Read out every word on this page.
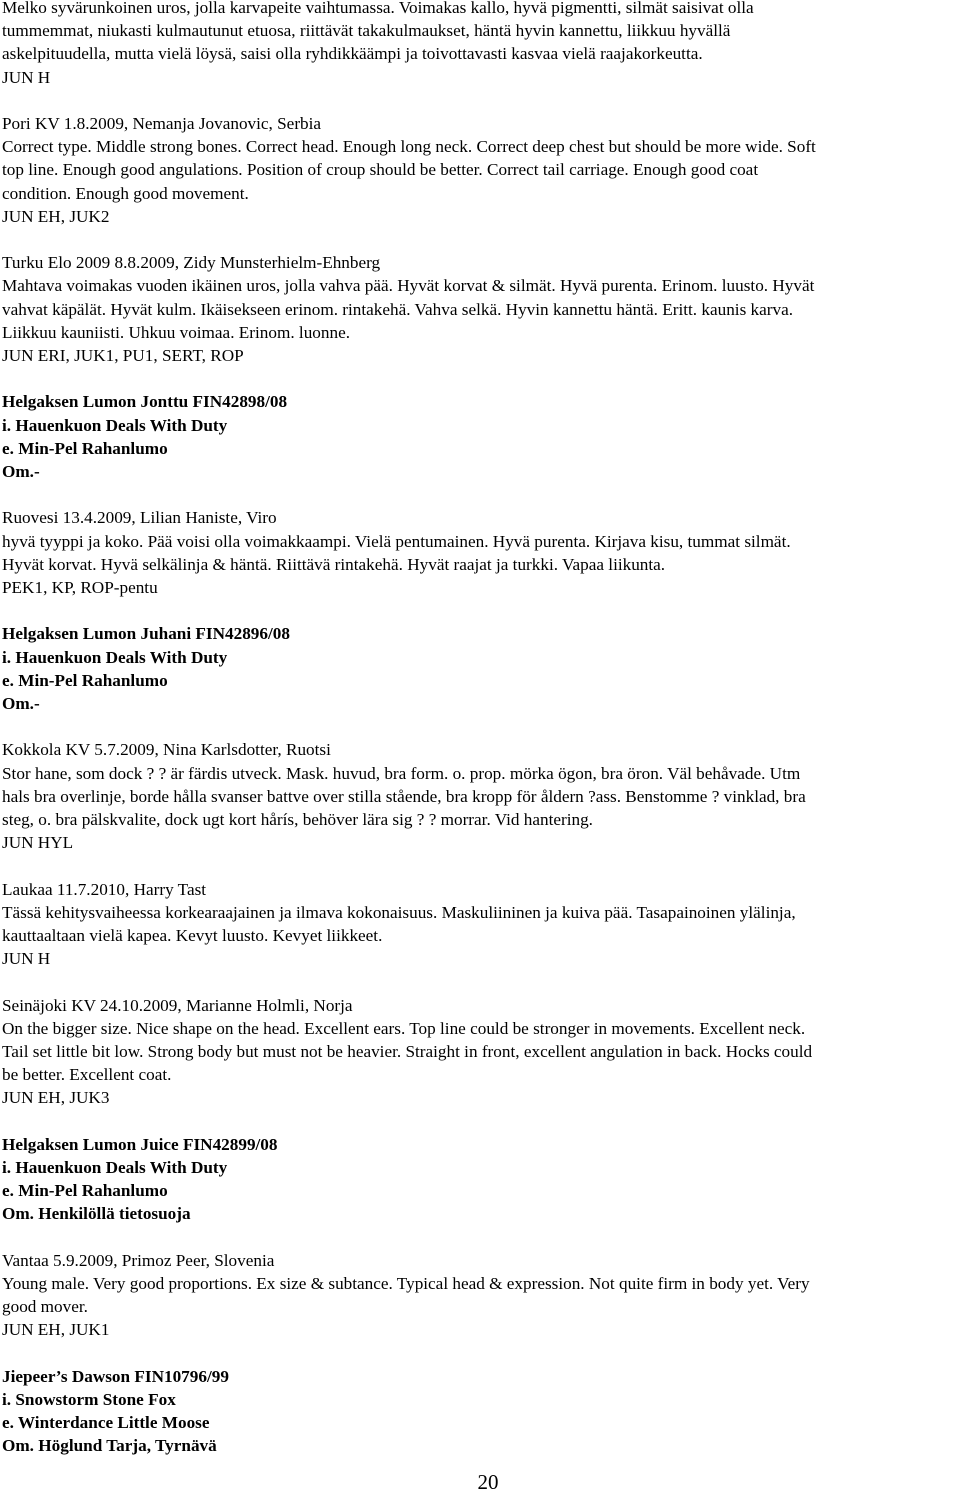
Melko syvärunkoinen uros, jolla karvapeite vaihtumassa. Voimakas kallo, hyvä pigmentti, silmät saisivat olla

tummemmat, niukasti kulmautunut etuosa, riittävät takakulmaukset, häntä hyvin kannettu, liikkuu hyvällä

askelpituudella, mutta vielä löysä, saisi olla ryhdikkäämpi ja toivottavasti kasvaa vielä raajakorkeutta.

JUN H

Pori KV 1.8.2009, Nemanja Jovanovic, Serbia

Correct type. Middle strong bones. Correct head. Enough long neck. Correct deep chest but should be more wide. Soft

top line. Enough good angulations. Position of croup should be better. Correct tail carriage. Enough good coat

condition. Enough good movement.

JUN EH, JUK2

Turku Elo 2009 8.8.2009, Zidy Munsterhielm-Ehnberg

Mahtava voimakas vuoden ikäinen uros, jolla vahva pää. Hyvät korvat & silmät. Hyvä purenta. Erinom. luusto. Hyvät

vahvat käpälät. Hyvät kulm. Ikäisekseen erinom. rintakehä. Vahva selkä. Hyvin kannettu häntä. Eritt. kaunis karva.

Liikkuu kauniisti. Uhkuu voimaa. Erinom. luonne.

JUN ERI, JUK1, PU1, SERT, ROP

Helgaksen Lumon Jonttu FIN42898/08

i. Hauenkuon Deals With Duty

e. Min-Pel Rahanlumo

Om.-

Ruovesi 13.4.2009, Lilian Haniste, Viro

hyvä tyyppi ja koko. Pää voisi olla voimakkaampi. Vielä pentumainen. Hyvä purenta. Kirjava kisu, tummat silmät.

Hyvät korvat. Hyvä selkälinja & häntä. Riittävä rintakehä. Hyvät raajat ja turkki. Vapaa liikunta.

PEK1, KP, ROP-pentu

Helgaksen Lumon Juhani FIN42896/08

i. Hauenkuon Deals With Duty

e. Min-Pel Rahanlumo

Om.-

Kokkola KV 5.7.2009, Nina Karlsdotter, Ruotsi

Stor hane, som dock ? ? är färdis utveck. Mask. huvud, bra form. o. prop. mörka ögon, bra öron. Väl behåvade. Utm

hals bra overlinje, borde hålla svanser battve over stilla stående, bra kropp för åldern ?ass. Benstomme ? vinklad, bra

steg, o. bra pälskvalite, dock ugt kort hårís, behöver lära sig ? ? morrar. Vid hantering.

JUN HYL

Laukaa 11.7.2010, Harry Tast

Tässä kehitysvaiheessa korkearaajainen ja ilmava kokonaisuus. Maskuliininen ja kuiva pää. Tasapainoinen ylälinja,

kauttaaltaan vielä kapea. Kevyt luusto. Kevyet liikkeet.

JUN H

Seinäjoki KV 24.10.2009, Marianne Holmli, Norja

On the bigger size. Nice shape on the head. Excellent ears. Top line could be stronger in movements. Excellent neck.

Tail set little bit low. Strong body but must not be heavier. Straight in front, excellent angulation in back. Hocks could

be better. Excellent coat.

JUN EH, JUK3

Helgaksen Lumon Juice FIN42899/08

i. Hauenkuon Deals With Duty

e. Min-Pel Rahanlumo

Om. Henkilöllä tietosuoja

Vantaa 5.9.2009, Primoz Peer, Slovenia

Young male. Very good proportions. Ex size & subtance. Typical head & expression. Not quite firm in body yet. Very

good mover.

JUN EH, JUK1

Jiepeer’s Dawson FIN10796/99

i. Snowstorm Stone Fox

e. Winterdance Little Moose

Om. Höglund Tarja, Tyrnävä

20
